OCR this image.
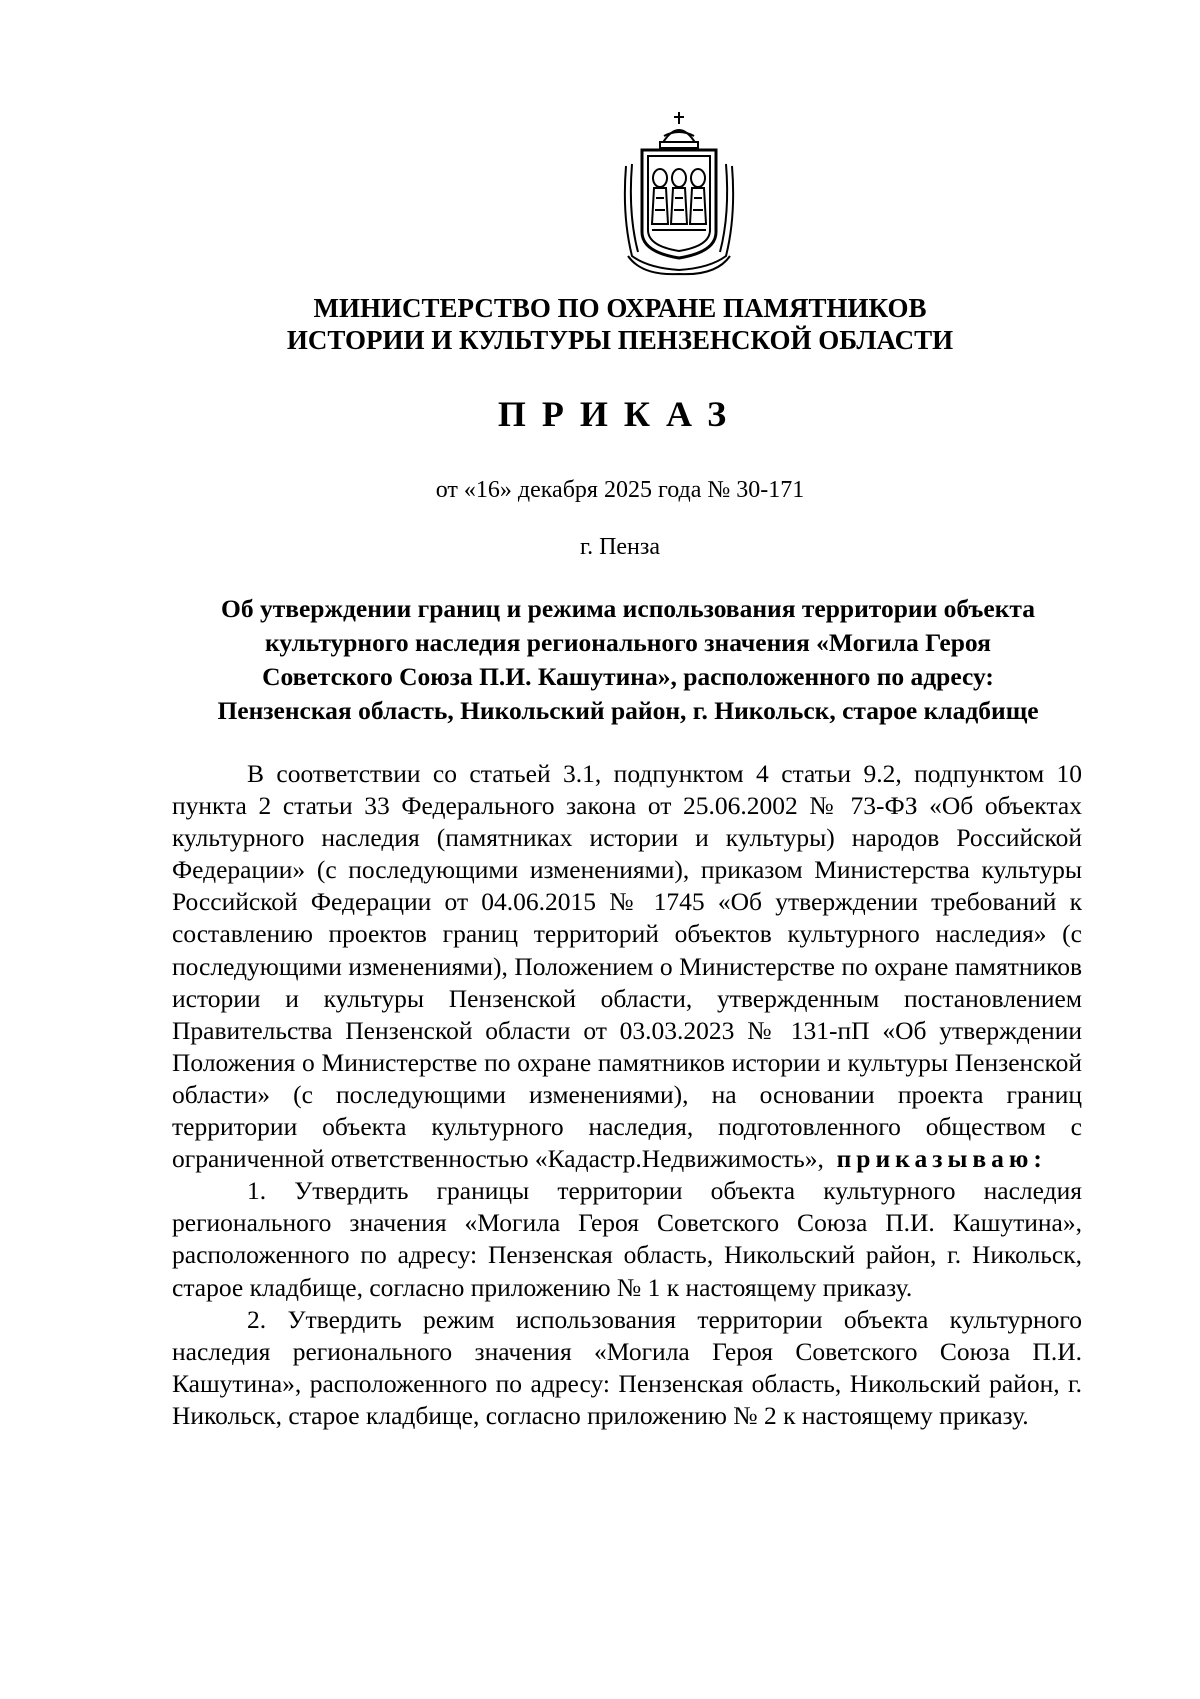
МИНИСТЕРСТВО ПО ОХРАНЕ ПАМЯТНИКОВ
ИСТОРИИ И КУЛЬТУРЫ ПЕНЗЕНСКОЙ ОБЛАСТИ
ПРИКАЗ
от «16» декабря 2025 года № 30-171
г. Пенза
Об утверждении границ и режима использования территории объекта
культурного наследия регионального значения «Могила Героя
Советского Союза П.И. Кашутина», расположенного по адресу:
Пензенская область, Никольский район, г. Никольск, старое кладбище

В соответствии со статьей 3.1, подпунктом 4 статьи 9.2, подпунктом 10 пункта 2 статьи 33 Федерального закона от 25.06.2002 № 73-ФЗ «Об объектах культурного наследия (памятниках истории и культуры) народов Российской Федерации» (с последующими изменениями), приказом Министерства культуры Российской Федерации от 04.06.2015 № 1745 «Об утверждении требований к составлению проектов границ территорий объектов культурного наследия» (с последующими изменениями), Положением о Министерстве по охране памятников истории и культуры Пензенской области, утвержденным постановлением Правительства Пензенской области от 03.03.2023 № 131-пП «Об утверждении Положения о Министерстве по охране памятников истории и культуры Пензенской области» (с последующими изменениями), на основании проекта границ территории объекта культурного наследия, подготовленного обществом с ограниченной ответственностью «Кадастр.Недвижимость», приказываю:

1. Утвердить границы территории объекта культурного наследия регионального значения «Могила Героя Советского Союза П.И. Кашутина», расположенного по адресу: Пензенская область, Никольский район, г. Никольск, старое кладбище, согласно приложению № 1 к настоящему приказу.

2. Утвердить режим использования территории объекта культурного наследия регионального значения «Могила Героя Советского Союза П.И. Кашутина», расположенного по адресу: Пензенская область, Никольский район, г. Никольск, старое кладбище, согласно приложению № 2 к настоящему приказу.
